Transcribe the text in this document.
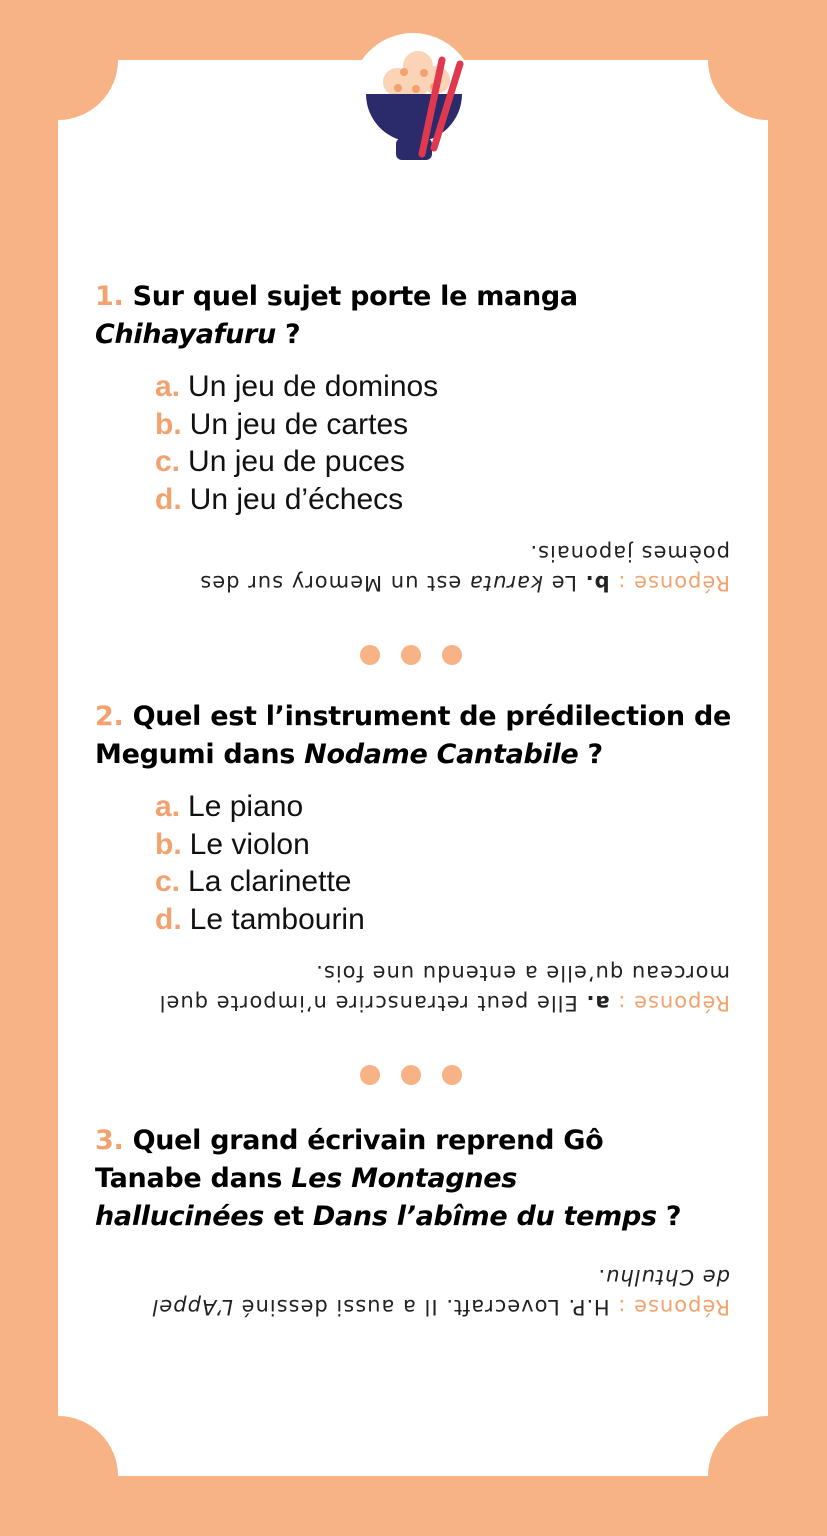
1. Sur quel sujet porte le manga Chihayafuru ?

a. Un jeu de dominos
b. Un jeu de cartes
c. Un jeu de puces
d. Un jeu d’échecs
Réponse : b. Le karuta est un Memory sur des poèmes japonais.

2. Quel est l’instrument de prédilection de Megumi dans Nodame Cantabile ?

a. Le piano
b. Le violon
c. La clarinette
d. Le tambourin
Réponse : a. Elle peut retranscrire n’importe quel morceau qu’elle a entendu une fois.

3. Quel grand écrivain reprend Gô Tanabe dans Les Montagnes hallucinées et Dans l’abîme du temps ?

Réponse : H.P. Lovecraft. Il a aussi dessiné L’Appel de Chtulhu.
